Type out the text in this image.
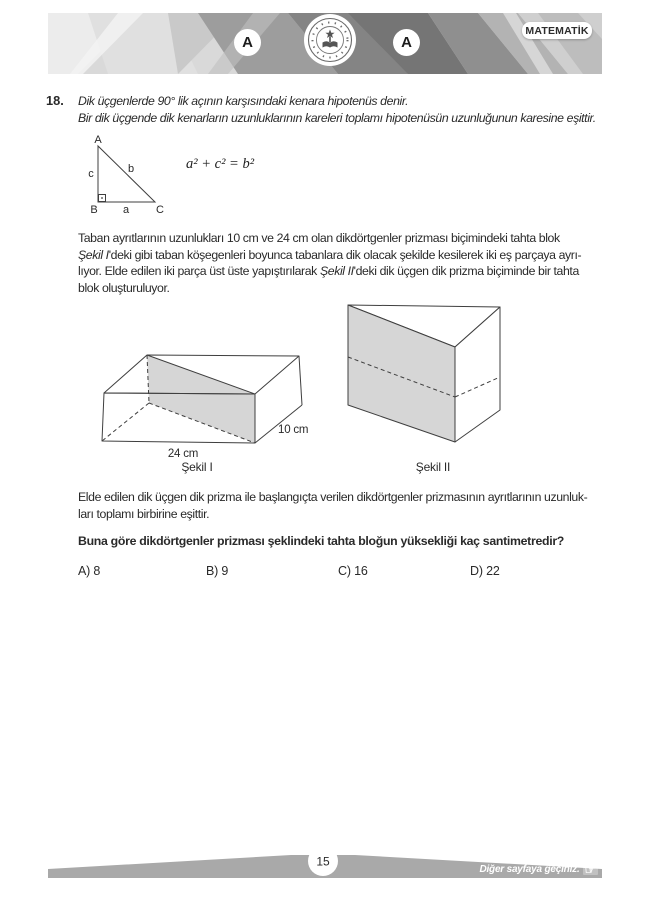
A	A
MATEMATİK
18. Dik üçgenlerde 90° lik açının karşısındaki kenara hipotenüs denir.
Bir dik üçgende dik kenarların uzunluklarının kareleri toplamı hipotenüsün uzunluğunun karesine eşittir.
A
B	C
c	b
a
a² + c² = b²
Taban ayrıtlarının uzunlukları 10 cm ve 24 cm olan dikdörtgenler prizması biçimindeki tahta blok
Şekil I'deki gibi taban köşegenleri boyunca tabanlara dik olacak şekilde kesilerek iki eş parçaya ayrı-
lıyor. Elde edilen iki parça üst üste yapıştırılarak Şekil II'deki dik üçgen dik prizma biçiminde bir tahta
blok oluşturuluyor.
24 cm
10 cm
Şekil I	Şekil II
Elde edilen dik üçgen dik prizma ile başlangıçta verilen dikdörtgenler prizmasının ayrıtlarının uzunluk-
ları toplamı birbirine eşittir.
Buna göre dikdörtgenler prizması şeklindeki tahta bloğun yüksekliği kaç santimetredir?
A) 8	B) 9	C) 16	D) 22
15
Diğer sayfaya geçiniz. ☞
